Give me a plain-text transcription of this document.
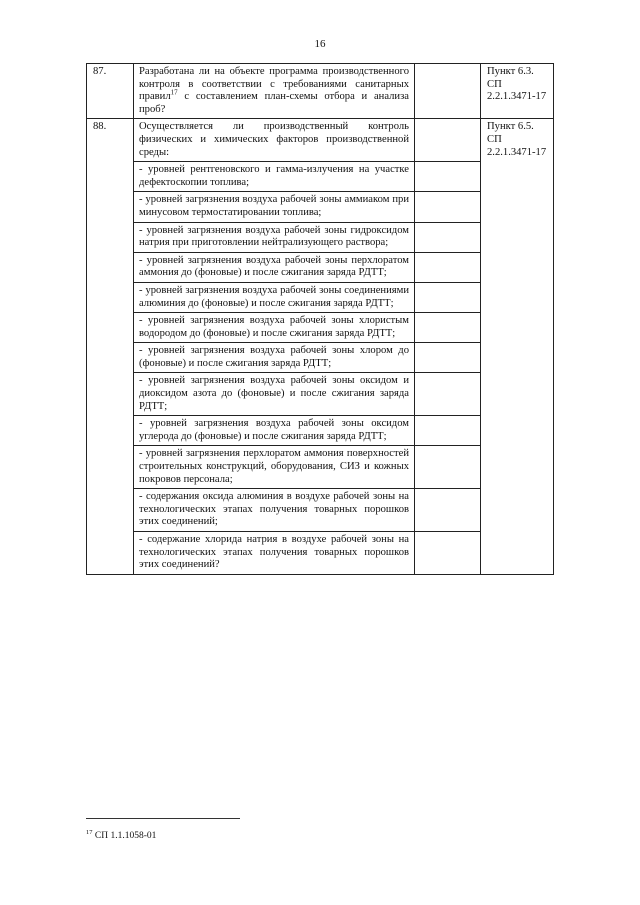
16
87.	Разработана ли на объекте программа производственного контроля в соответствии с требованиями санитарных правил$^{17}$ с составлением план-схемы отбора и анализа проб?		Пункт 6.3. СП 2.2.1.3471-17
88.	Осуществляется ли производственный контроль физических и химических факторов производственной среды:		Пункт 6.5. СП 2.2.1.3471-17
	- уровней рентгеновского и гамма-излучения на участке дефектоскопии топлива;		
	- уровней загрязнения воздуха рабочей зоны аммиаком при минусовом термостатировании топлива;		
	- уровней загрязнения воздуха рабочей зоны гидроксидом натрия при приготовлении нейтрализующего раствора;		
	- уровней загрязнения воздуха рабочей зоны перхлоратом аммония до (фоновые) и после сжигания заряда РДТТ;		
	- уровней загрязнения воздуха рабочей зоны соединениями алюминия до (фоновые) и после сжигания заряда РДТТ;		
	- уровней загрязнения воздуха рабочей зоны хлористым водородом до (фоновые) и после сжигания заряда РДТТ;		
	- уровней загрязнения воздуха рабочей зоны хлором до (фоновые) и после сжигания заряда РДТТ;		
	- уровней загрязнения воздуха рабочей зоны оксидом и диоксидом азота до (фоновые) и после сжигания заряда РДТТ;		
	- уровней загрязнения воздуха рабочей зоны оксидом углерода до (фоновые) и после сжигания заряда РДТТ;		
	- уровней загрязнения перхлоратом аммония поверхностей строительных конструкций, оборудования, СИЗ и кожных покровов персонала;		
	- содержания оксида алюминия в воздухе рабочей зоны на технологических этапах получения товарных порошков этих соединений;		
	- содержание хлорида натрия в воздухе рабочей зоны на технологических этапах получения товарных порошков этих соединений?		
$^{17}$ СП 1.1.1058-01
